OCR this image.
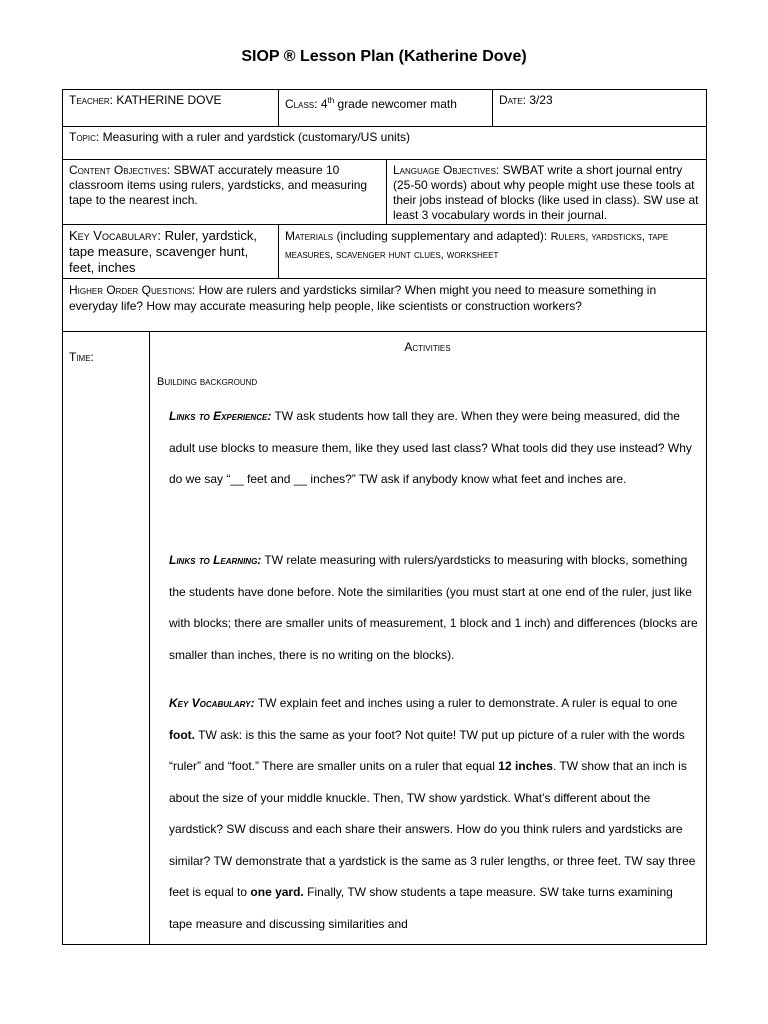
SIOP ® Lesson Plan (Katherine Dove)
Teacher: KATHERINE DOVE	Class: 4th grade newcomer math	Date: 3/23
Topic: Measuring with a ruler and yardstick (customary/US units)
Content Objectives: SBWAT accurately measure 10 classroom items using rulers, yardsticks, and measuring tape to the nearest inch.
Language Objectives: SWBAT write a short journal entry (25-50 words) about why people might use these tools at their jobs instead of blocks (like used in class). SW use at least 3 vocabulary words in their journal.
Key Vocabulary: Ruler, yardstick, tape measure, scavenger hunt, feet, inches
Materials (including supplementary and adapted): Rulers, yardsticks, tape measures, scavenger hunt clues, worksheet
Higher Order Questions: How are rulers and yardsticks similar? When might you need to measure something in everyday life? How may accurate measuring help people, like scientists or construction workers?
Time:
Activities
Building background
Links to Experience: TW ask students how tall they are. When they were being measured, did the adult use blocks to measure them, like they used last class? What tools did they use instead? Why do we say “__ feet and __ inches?” TW ask if anybody know what feet and inches are.
Links to Learning: TW relate measuring with rulers/yardsticks to measuring with blocks, something the students have done before. Note the similarities (you must start at one end of the ruler, just like with blocks; there are smaller units of measurement, 1 block and 1 inch) and differences (blocks are smaller than inches, there is no writing on the blocks).
Key Vocabulary: TW explain feet and inches using a ruler to demonstrate. A ruler is equal to one foot. TW ask: is this the same as your foot? Not quite! TW put up picture of a ruler with the words “ruler” and “foot.” There are smaller units on a ruler that equal 12 inches. TW show that an inch is about the size of your middle knuckle. Then, TW show yardstick. What’s different about the yardstick? SW discuss and each share their answers. How do you think rulers and yardsticks are similar? TW demonstrate that a yardstick is the same as 3 ruler lengths, or three feet. TW say three feet is equal to one yard. Finally, TW show students a tape measure. SW take turns examining tape measure and discussing similarities and
